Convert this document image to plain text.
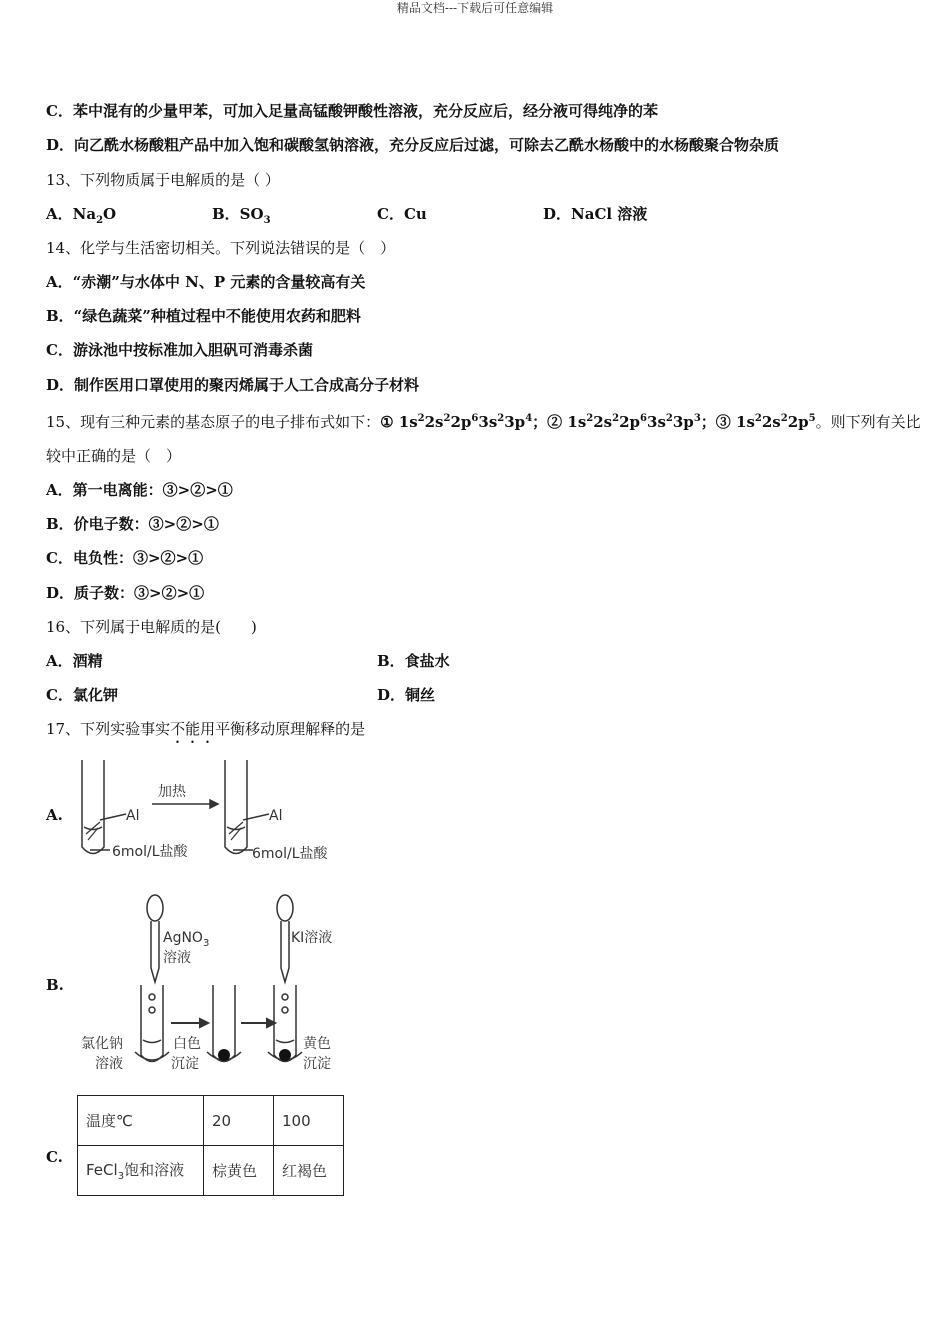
精品文档---下载后可任意编辑
C．苯中混有的少量甲苯，可加入足量高锰酸钾酸性溶液，充分反应后，经分液可得纯净的苯
D．向乙酰水杨酸粗产品中加入饱和碳酸氢钠溶液，充分反应后过滤，可除去乙酰水杨酸中的水杨酸聚合物杂质
13、下列物质属于电解质的是（ ）
A．$Na_2O$	B．$SO_3$	C．Cu	D．NaCl 溶液
14、化学与生活密切相关。下列说法错误的是（　）
A．“赤潮”与水体中 N、P 元素的含量较高有关
B．“绿色蔬菜”种植过程中不能使用农药和肥料
C．游泳池中按标准加入胆矾可消毒杀菌
D．制作医用口罩使用的聚丙烯属于人工合成高分子材料
15、现有三种元素的基态原子的电子排布式如下：① $1s^22s^22p^63s^23p^4$；② $1s^22s^22p^63s^23p^3$；③ $1s^22s^22p^5$。则下列有关比
较中正确的是（　）
A．第一电离能：③>②>①
B．价电子数：③>②>①
C．电负性：③>②>①
D．质子数：③>②>①
16、下列属于电解质的是(　　)
A．酒精	B．食盐水
C．氯化钾	D．铜丝
17、下列实验事实不能用平衡移动原理解释的是
A.	Al
6mol/L盐酸
加热
Al
6mol/L盐酸
B.
AgNO$_3$
溶液
KI溶液
氯化钠
溶液
白色
沉淀
黄色
沉淀
C.
温度℃	20	100
FeCl$_3$饱和溶液	棕黄色	红褐色
